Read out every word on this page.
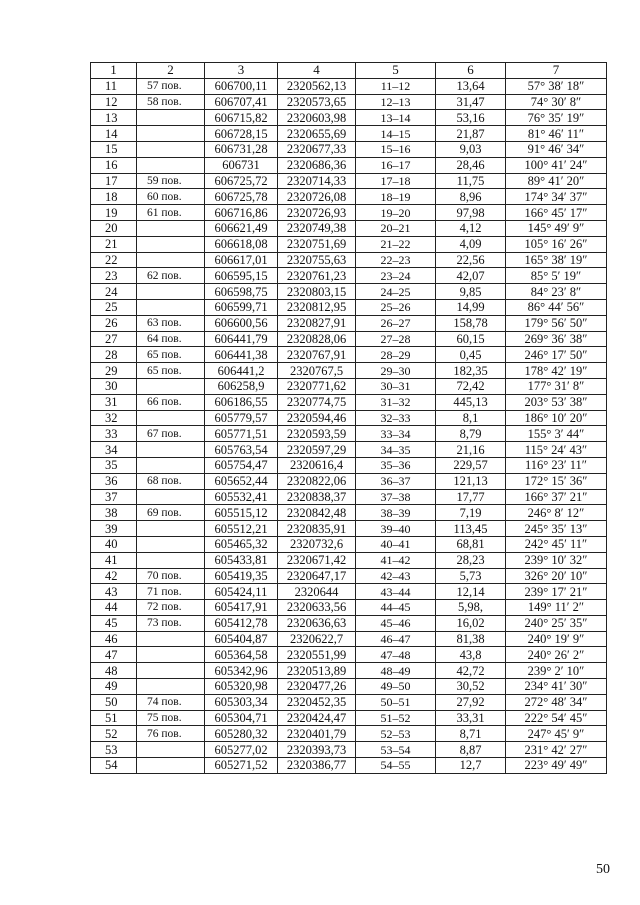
1	2	3	4	5	6	7
11	57 пов.	606700,11	2320562,13	11–12	13,64	57° 38′ 18″
12	58 пов.	606707,41	2320573,65	12–13	31,47	74° 30′ 8″
13		606715,82	2320603,98	13–14	53,16	76° 35′ 19″
14		606728,15	2320655,69	14–15	21,87	81° 46′ 11″
15		606731,28	2320677,33	15–16	9,03	91° 46′ 34″
16		606731	2320686,36	16–17	28,46	100° 41′ 24″
17	59 пов.	606725,72	2320714,33	17–18	11,75	89° 41′ 20″
18	60 пов.	606725,78	2320726,08	18–19	8,96	174° 34′ 37″
19	61 пов.	606716,86	2320726,93	19–20	97,98	166° 45′ 17″
20		606621,49	2320749,38	20–21	4,12	145° 49′ 9″
21		606618,08	2320751,69	21–22	4,09	105° 16′ 26″
22		606617,01	2320755,63	22–23	22,56	165° 38′ 19″
23	62 пов.	606595,15	2320761,23	23–24	42,07	85° 5′ 19″
24		606598,75	2320803,15	24–25	9,85	84° 23′ 8″
25		606599,71	2320812,95	25–26	14,99	86° 44′ 56″
26	63 пов.	606600,56	2320827,91	26–27	158,78	179° 56′ 50″
27	64 пов.	606441,79	2320828,06	27–28	60,15	269° 36′ 38″
28	65 пов.	606441,38	2320767,91	28–29	0,45	246° 17′ 50″
29	65 пов.	606441,2	2320767,5	29–30	182,35	178° 42′ 19″
30		606258,9	2320771,62	30–31	72,42	177° 31′ 8″
31	66 пов.	606186,55	2320774,75	31–32	445,13	203° 53′ 38″
32		605779,57	2320594,46	32–33	8,1	186° 10′ 20″
33	67 пов.	605771,51	2320593,59	33–34	8,79	155° 3′ 44″
34		605763,54	2320597,29	34–35	21,16	115° 24′ 43″
35		605754,47	2320616,4	35–36	229,57	116° 23′ 11″
36	68 пов.	605652,44	2320822,06	36–37	121,13	172° 15′ 36″
37		605532,41	2320838,37	37–38	17,77	166° 37′ 21″
38	69 пов.	605515,12	2320842,48	38–39	7,19	246° 8′ 12″
39		605512,21	2320835,91	39–40	113,45	245° 35′ 13″
40		605465,32	2320732,6	40–41	68,81	242° 45′ 11″
41		605433,81	2320671,42	41–42	28,23	239° 10′ 32″
42	70 пов.	605419,35	2320647,17	42–43	5,73	326° 20′ 10″
43	71 пов.	605424,11	2320644	43–44	12,14	239° 17′ 21″
44	72 пов.	605417,91	2320633,56	44–45	5,98,	149° 11′ 2″
45	73 пов.	605412,78	2320636,63	45–46	16,02	240° 25′ 35″
46		605404,87	2320622,7	46–47	81,38	240° 19′ 9″
47		605364,58	2320551,99	47–48	43,8	240° 26′ 2″
48		605342,96	2320513,89	48–49	42,72	239° 2′ 10″
49		605320,98	2320477,26	49–50	30,52	234° 41′ 30″
50	74 пов.	605303,34	2320452,35	50–51	27,92	272° 48′ 34″
51	75 пов.	605304,71	2320424,47	51–52	33,31	222° 54′ 45″
52	76 пов.	605280,32	2320401,79	52–53	8,71	247° 45′ 9″
53		605277,02	2320393,73	53–54	8,87	231° 42′ 27″
54		605271,52	2320386,77	54–55	12,7	223° 49′ 49″
50
